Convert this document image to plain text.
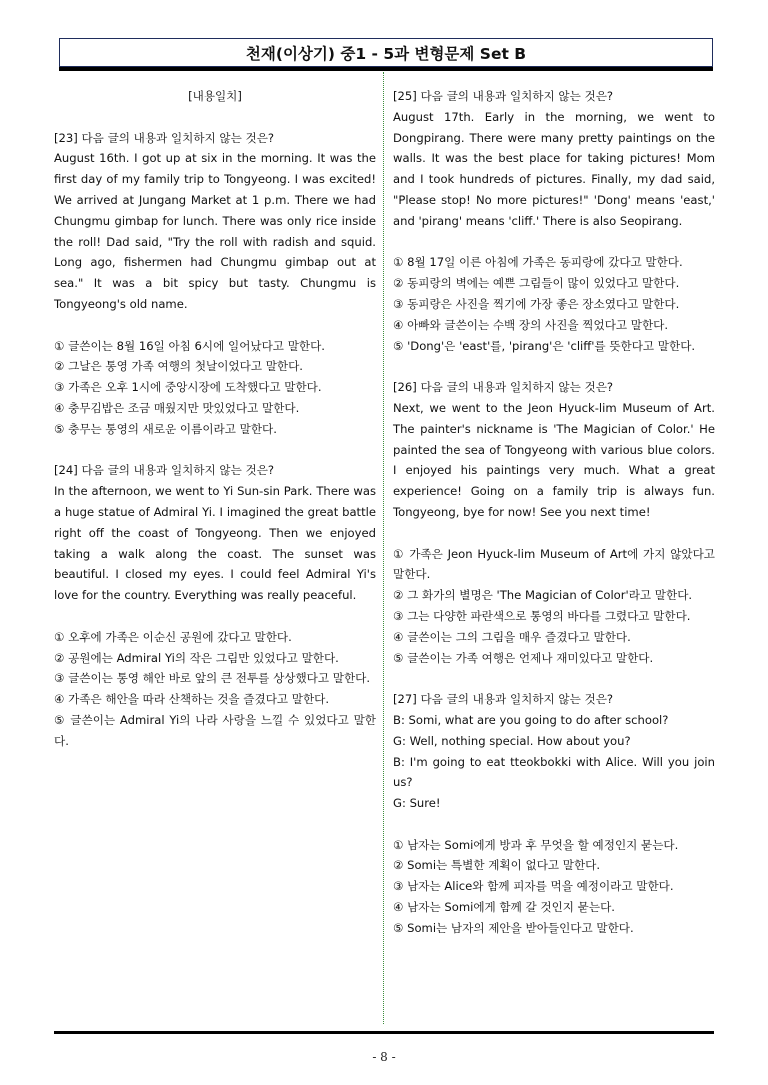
천재(이상기) 중1 - 5과 변형문제 Set B

[내용일치]

[23] 다음 글의 내용과 일치하지 않는 것은?

August 16th. I got up at six in the morning. It was the first day of my family trip to Tongyeong. I was excited! We arrived at Jungang Market at 1 p.m. There we had Chungmu gimbap for lunch. There was only rice inside the roll! Dad said, "Try the roll with radish and squid. Long ago, fishermen had Chungmu gimbap out at sea." It was a bit spicy but tasty. Chungmu is Tongyeong's old name.

① 글쓴이는 8월 16일 아침 6시에 일어났다고 말한다.

② 그날은 통영 가족 여행의 첫날이었다고 말한다.

③ 가족은 오후 1시에 중앙시장에 도착했다고 말한다.

④ 충무김밥은 조금 매웠지만 맛있었다고 말한다.

⑤ 충무는 통영의 새로운 이름이라고 말한다.

[24] 다음 글의 내용과 일치하지 않는 것은?

In the afternoon, we went to Yi Sun-sin Park. There was a huge statue of Admiral Yi. I imagined the great battle right off the coast of Tongyeong. Then we enjoyed taking a walk along the coast. The sunset was beautiful. I closed my eyes. I could feel Admiral Yi's love for the country. Everything was really peaceful.

① 오후에 가족은 이순신 공원에 갔다고 말한다.

② 공원에는 Admiral Yi의 작은 그림만 있었다고 말한다.

③ 글쓴이는 통영 해안 바로 앞의 큰 전투를 상상했다고 말한다.

④ 가족은 해안을 따라 산책하는 것을 즐겼다고 말한다.

⑤ 글쓴이는 Admiral Yi의 나라 사랑을 느낄 수 있었다고 말한다.

[25] 다음 글의 내용과 일치하지 않는 것은?

August 17th. Early in the morning, we went to Dongpirang. There were many pretty paintings on the walls. It was the best place for taking pictures! Mom and I took hundreds of pictures. Finally, my dad said, "Please stop! No more pictures!" 'Dong' means 'east,' and 'pirang' means 'cliff.' There is also Seopirang.

① 8월 17일 이른 아침에 가족은 동피랑에 갔다고 말한다.

② 동피랑의 벽에는 예쁜 그림들이 많이 있었다고 말한다.

③ 동피랑은 사진을 찍기에 가장 좋은 장소였다고 말한다.

④ 아빠와 글쓴이는 수백 장의 사진을 찍었다고 말한다.

⑤ 'Dong'은 'east'를, 'pirang'은 'cliff'를 뜻한다고 말한다.

[26] 다음 글의 내용과 일치하지 않는 것은?

Next, we went to the Jeon Hyuck-lim Museum of Art. The painter's nickname is 'The Magician of Color.' He painted the sea of Tongyeong with various blue colors. I enjoyed his paintings very much. What a great experience! Going on a family trip is always fun. Tongyeong, bye for now! See you next time!

① 가족은 Jeon Hyuck-lim Museum of Art에 가지 않았다고 말한다.

② 그 화가의 별명은 'The Magician of Color'라고 말한다.

③ 그는 다양한 파란색으로 통영의 바다를 그렸다고 말한다.

④ 글쓴이는 그의 그림을 매우 즐겼다고 말한다.

⑤ 글쓴이는 가족 여행은 언제나 재미있다고 말한다.

[27] 다음 글의 내용과 일치하지 않는 것은?

B: Somi, what are you going to do after school?

G: Well, nothing special. How about you?

B: I'm going to eat tteokbokki with Alice. Will you join us?

G: Sure!

① 남자는 Somi에게 방과 후 무엇을 할 예정인지 묻는다.

② Somi는 특별한 계획이 없다고 말한다.

③ 남자는 Alice와 함께 피자를 먹을 예정이라고 말한다.

④ 남자는 Somi에게 함께 갈 것인지 묻는다.

⑤ Somi는 남자의 제안을 받아들인다고 말한다.

- 8 -
